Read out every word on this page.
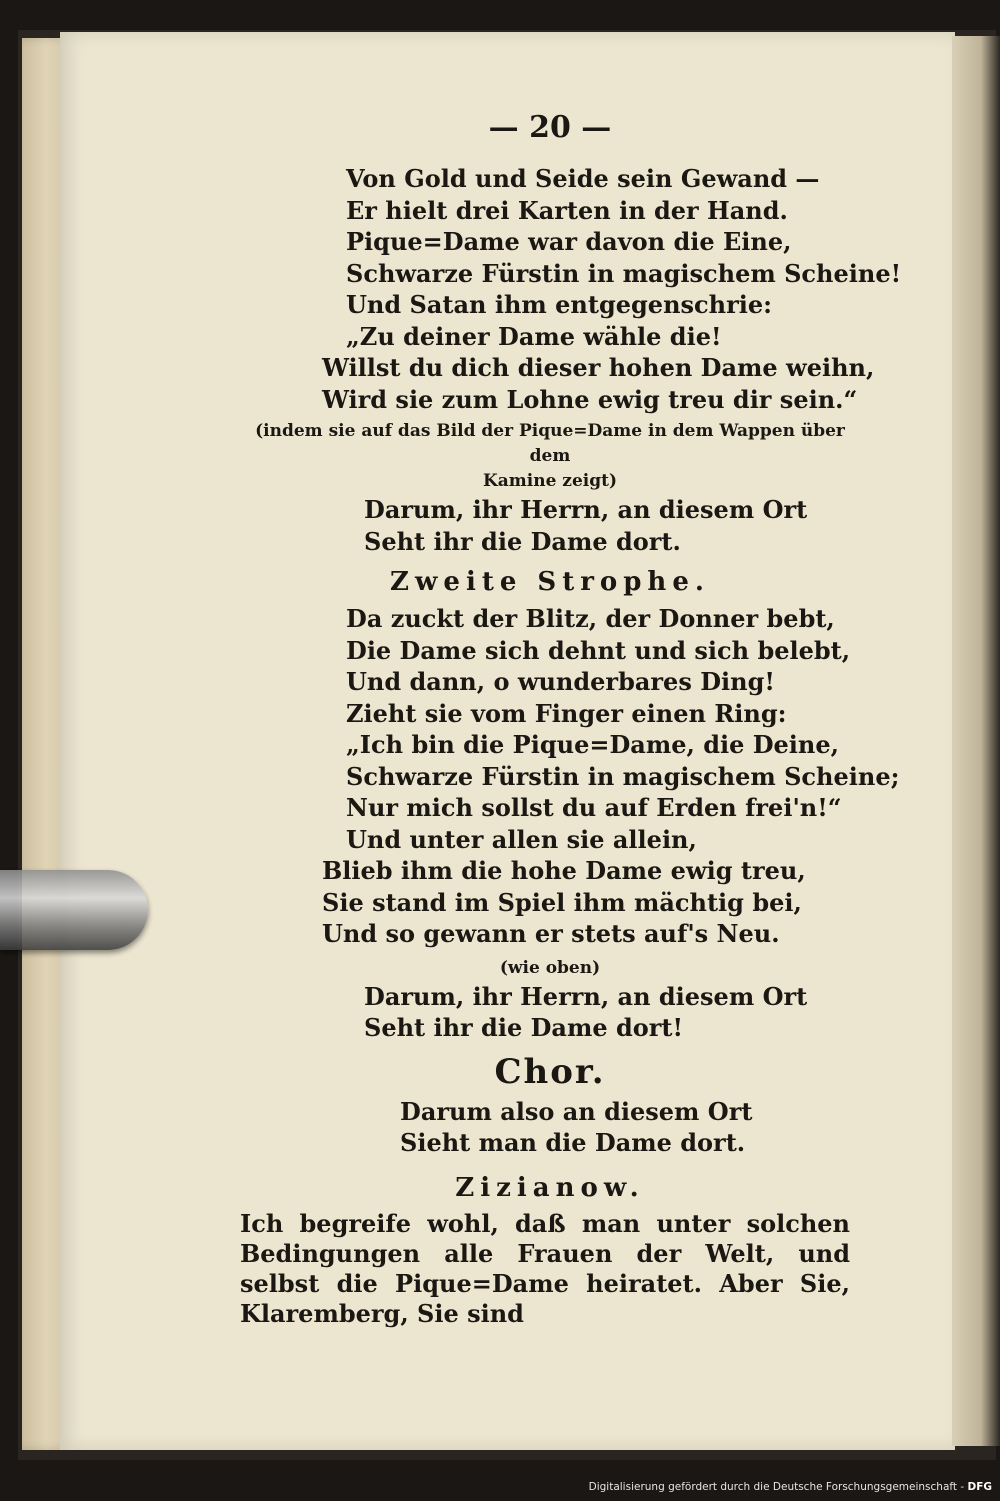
— 20 —
Von Gold und Seide sein Gewand —
Er hielt drei Karten in der Hand.
Pique=Dame war davon die Eine,
Schwarze Fürstin in magischem Scheine!
Und Satan ihm entgegenschrie:
„Zu deiner Dame wähle die!
Willst du dich dieser hohen Dame weihn,
Wird sie zum Lohne ewig treu dir sein.“
(indem sie auf das Bild der Pique=Dame in dem Wappen über dem
Kamine zeigt)
Darum, ihr Herrn, an diesem Ort
Seht ihr die Dame dort.
Zweite Strophe.
Da zuckt der Blitz, der Donner bebt,
Die Dame sich dehnt und sich belebt,
Und dann, o wunderbares Ding!
Zieht sie vom Finger einen Ring:
„Ich bin die Pique=Dame, die Deine,
Schwarze Fürstin in magischem Scheine;
Nur mich sollst du auf Erden frei'n!“
Und unter allen sie allein,
Blieb ihm die hohe Dame ewig treu,
Sie stand im Spiel ihm mächtig bei,
Und so gewann er stets auf's Neu.
(wie oben)
Darum, ihr Herrn, an diesem Ort
Seht ihr die Dame dort!
Chor.
Darum also an diesem Ort
Sieht man die Dame dort.
Zizianow.
Ich begreife wohl, daß man unter solchen Bedingungen alle Frauen der Welt, und selbst die Pique=Dame heiratet. Aber Sie, Klaremberg, Sie sind
Digitalisierung gefördert durch die Deutsche Forschungsgemeinschaft - DFG
